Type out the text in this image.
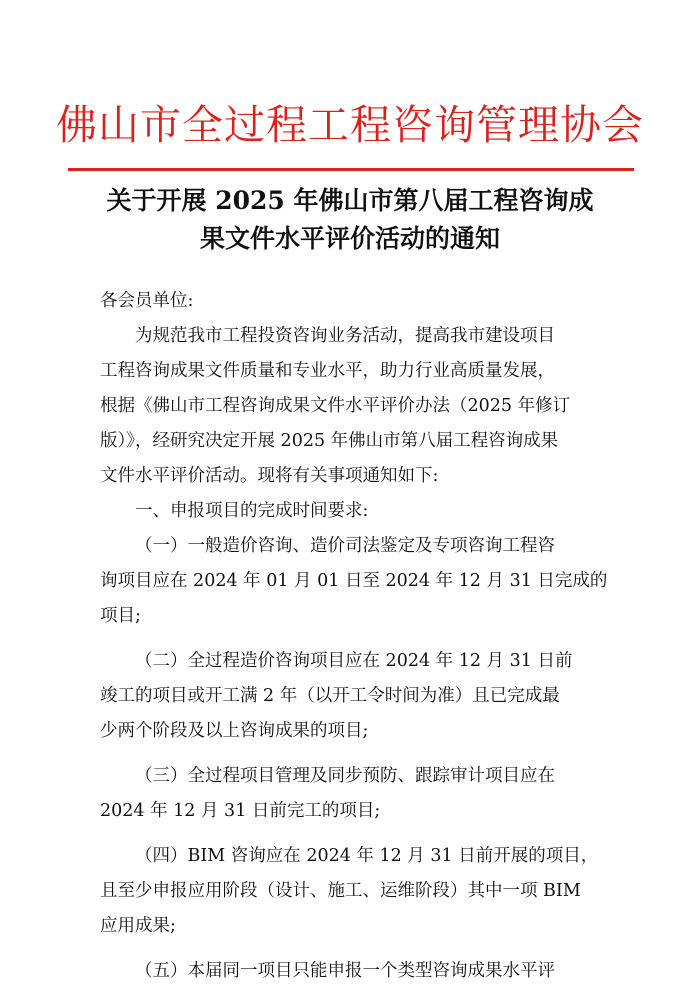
佛山市全过程工程咨询管理协会
关于开展 2025 年佛山市第八届工程咨询成
果文件水平评价活动的通知
各会员单位:
为规范我市工程投资咨询业务活动，提高我市建设项目
工程咨询成果文件质量和专业水平，助力行业高质量发展，
根据《佛山市工程咨询成果文件水平评价办法（2025 年修订
版）》，经研究决定开展 2025 年佛山市第八届工程咨询成果
文件水平评价活动。现将有关事项通知如下:
一、申报项目的完成时间要求:
（一）一般造价咨询、造价司法鉴定及专项咨询工程咨
询项目应在 2024 年 01 月 01 日至 2024 年 12 月 31 日完成的
项目;
（二）全过程造价咨询项目应在 2024 年 12 月 31 日前
竣工的项目或开工满 2 年（以开工令时间为准）且已完成最
少两个阶段及以上咨询成果的项目;
（三）全过程项目管理及同步预防、跟踪审计项目应在
2024 年 12 月 31 日前完工的项目;
（四）BIM 咨询应在 2024 年 12 月 31 日前开展的项目，
且至少申报应用阶段（设计、施工、运维阶段）其中一项 BIM
应用成果;
（五）本届同一项目只能申报一个类型咨询成果水平评
